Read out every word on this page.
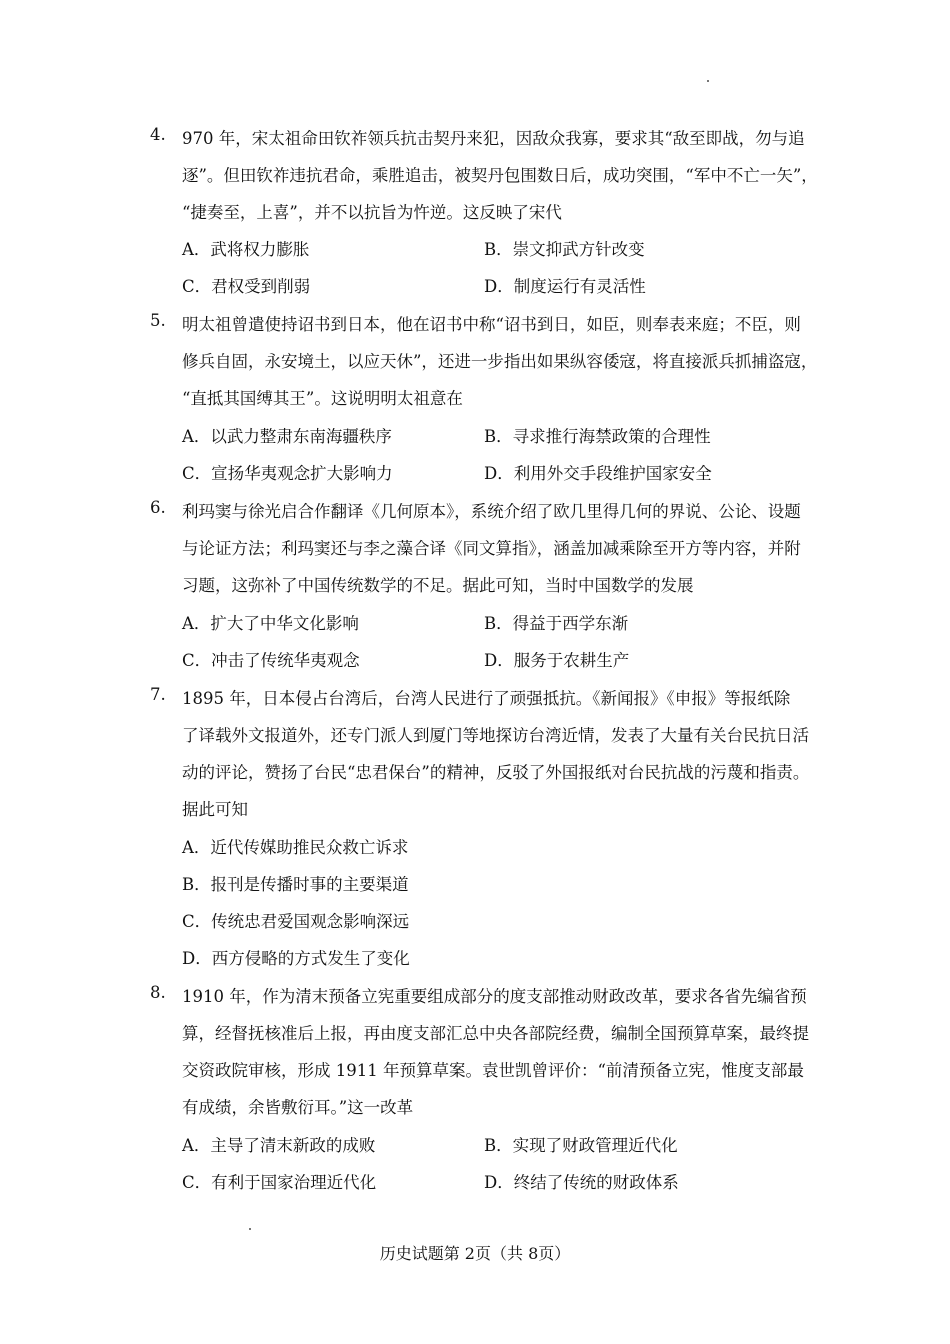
4. 970 年，宋太祖命田钦祚领兵抗击契丹来犯，因敌众我寡，要求其“敌至即战，勿与追
逐”。但田钦祚违抗君命，乘胜追击，被契丹包围数日后，成功突围，“军中不亡一矢”，
“捷奏至，上喜”，并不以抗旨为忤逆。这反映了宋代
A．武将权力膨胀	B．崇文抑武方针改变
C．君权受到削弱	D．制度运行有灵活性
5. 明太祖曾遣使持诏书到日本，他在诏书中称“诏书到日，如臣，则奉表来庭；不臣，则
修兵自固，永安境土，以应天休”，还进一步指出如果纵容倭寇，将直接派兵抓捕盗寇，
“直抵其国缚其王”。这说明明太祖意在
A．以武力整肃东南海疆秩序	B．寻求推行海禁政策的合理性
C．宣扬华夷观念扩大影响力	D．利用外交手段维护国家安全
6. 利玛窦与徐光启合作翻译《几何原本》，系统介绍了欧几里得几何的界说、公论、设题
与论证方法；利玛窦还与李之藻合译《同文算指》，涵盖加减乘除至开方等内容，并附
习题，这弥补了中国传统数学的不足。据此可知，当时中国数学的发展
A．扩大了中华文化影响	B．得益于西学东渐
C．冲击了传统华夷观念	D．服务于农耕生产
7. 1895 年，日本侵占台湾后，台湾人民进行了顽强抵抗。《新闻报》《申报》等报纸除
了译载外文报道外，还专门派人到厦门等地探访台湾近情，发表了大量有关台民抗日活
动的评论，赞扬了台民“忠君保台”的精神，反驳了外国报纸对台民抗战的污蔑和指责。
据此可知
A．近代传媒助推民众救亡诉求
B．报刊是传播时事的主要渠道
C．传统忠君爱国观念影响深远
D．西方侵略的方式发生了变化
8. 1910 年，作为清末预备立宪重要组成部分的度支部推动财政改革，要求各省先编省预
算，经督抚核准后上报，再由度支部汇总中央各部院经费，编制全国预算草案，最终提
交资政院审核，形成 1911 年预算草案。袁世凯曾评价：“前清预备立宪，惟度支部最
有成绩，余皆敷衍耳。”这一改革
A．主导了清末新政的成败	B．实现了财政管理近代化
C．有利于国家治理近代化	D．终结了传统的财政体系
历史试题第 2页（共 8页）
